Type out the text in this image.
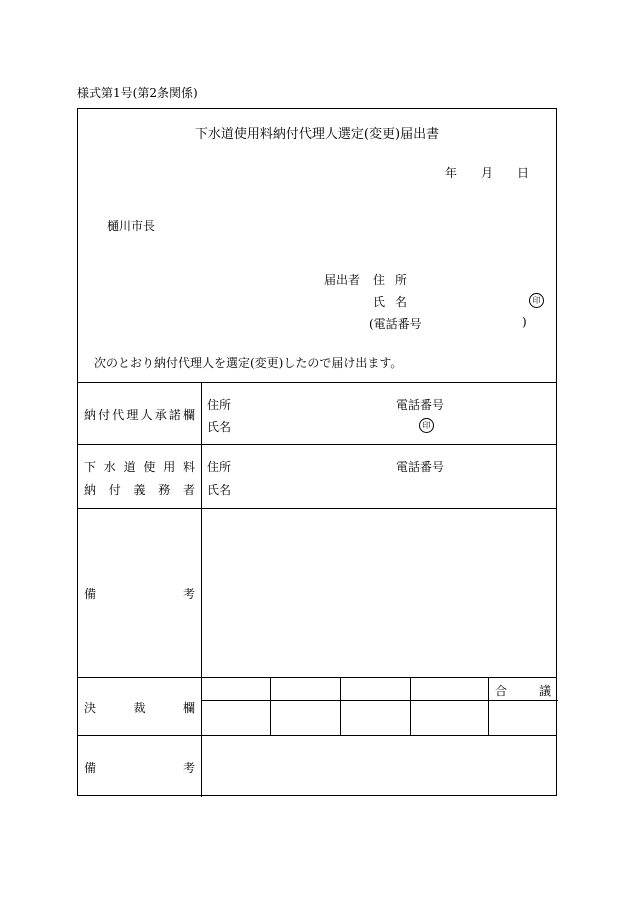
様式第1号(第2条関係)
下水道使用料納付代理人選定(変更)届出書
年 月 日
樋川市長
届出者 住 所
氏 名	印
(電話番号	)
次のとおり納付代理人を選定(変更)したので届け出ます。
納 付 代 理 人 承 諾 欄
住所	電話番号
氏名	印
下 水 道 使 用 料
納 付 義 務 者
住所	電話番号
氏名
備	考
決	裁	欄
合	議
備	考
